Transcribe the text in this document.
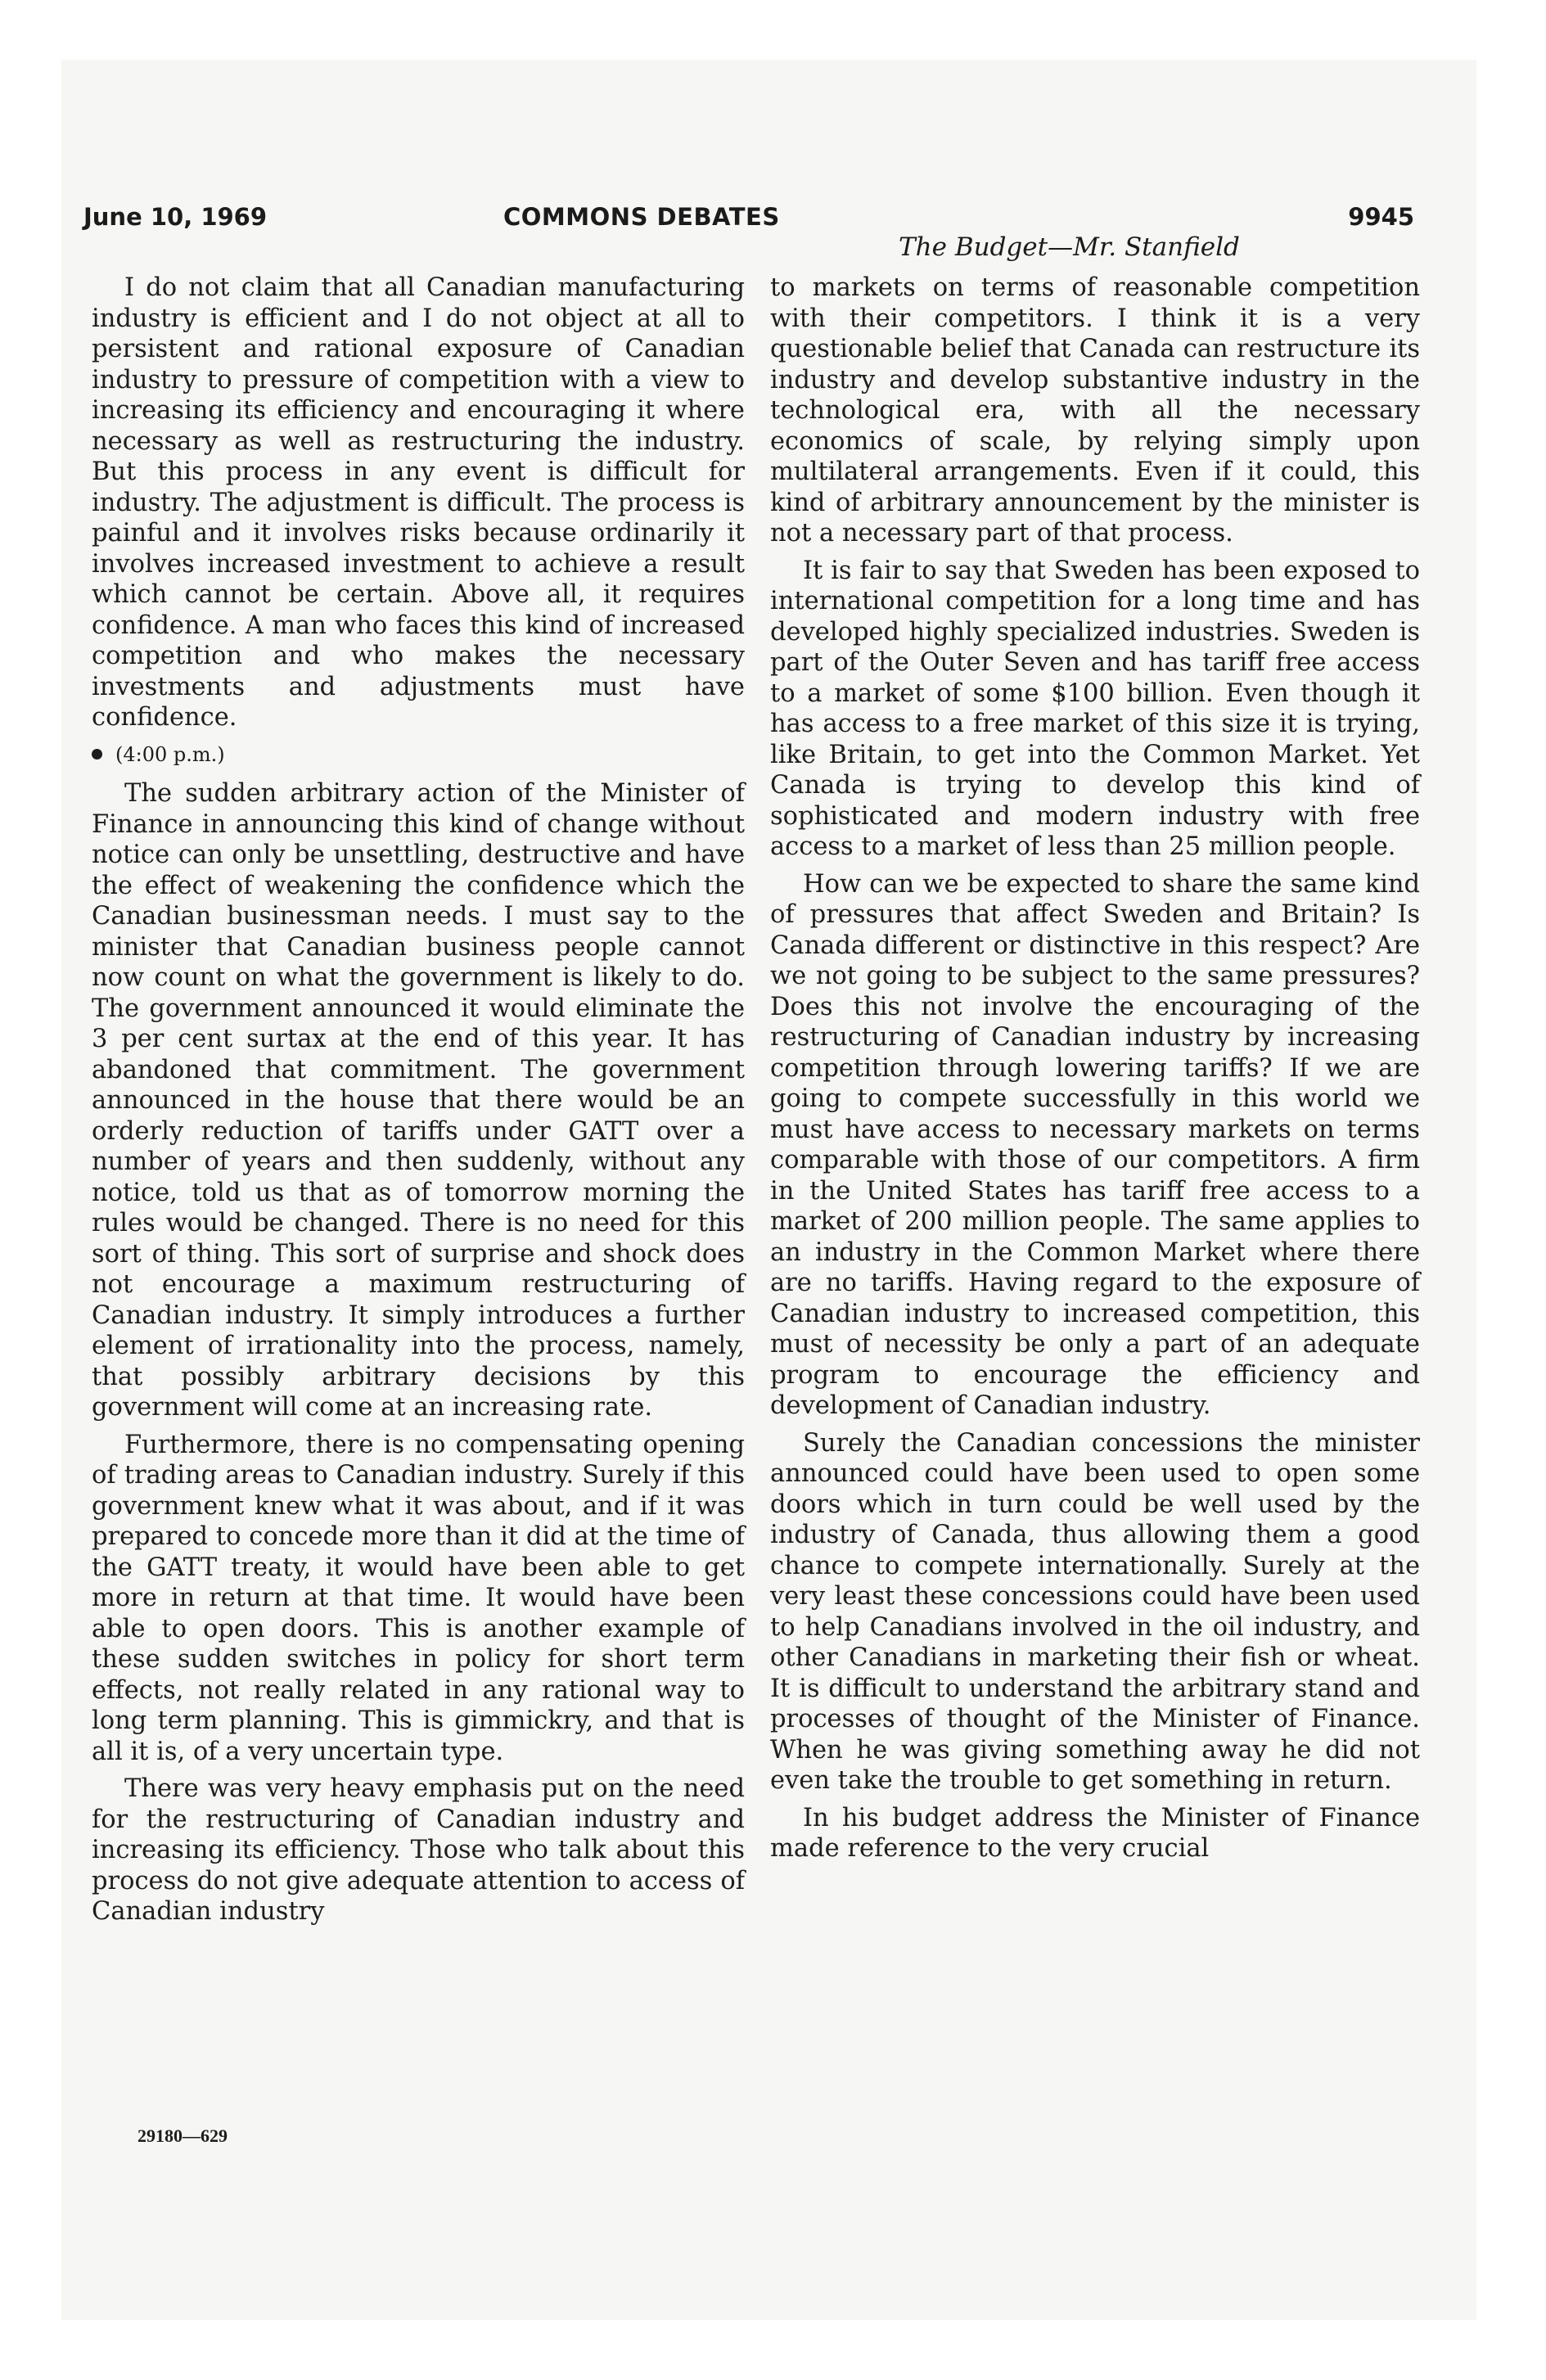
June 10, 1969	COMMONS DEBATES	9945
The Budget—Mr. Stanfield

I do not claim that all Canadian manufacturing industry is efficient and I do not object at all to persistent and rational exposure of Canadian industry to pressure of competition with a view to increasing its efficiency and encouraging it where necessary as well as restructuring the industry. But this process in any event is difficult for industry. The adjustment is difficult. The process is painful and it involves risks because ordinarily it involves increased investment to achieve a result which cannot be certain. Above all, it requires confidence. A man who faces this kind of increased competition and who makes the necessary investments and adjustments must have confidence.

(4:00 p.m.)

The sudden arbitrary action of the Minister of Finance in announcing this kind of change without notice can only be unsettling, destructive and have the effect of weakening the confidence which the Canadian businessman needs. I must say to the minister that Canadian business people cannot now count on what the government is likely to do. The government announced it would eliminate the 3 per cent surtax at the end of this year. It has abandoned that commitment. The government announced in the house that there would be an orderly reduction of tariffs under GATT over a number of years and then suddenly, without any notice, told us that as of tomorrow morning the rules would be changed. There is no need for this sort of thing. This sort of surprise and shock does not encourage a maximum restructuring of Canadian industry. It simply introduces a further element of irrationality into the process, namely, that possibly arbitrary decisions by this government will come at an increasing rate.

Furthermore, there is no compensating opening of trading areas to Canadian industry. Surely if this government knew what it was about, and if it was prepared to concede more than it did at the time of the GATT treaty, it would have been able to get more in return at that time. It would have been able to open doors. This is another example of these sudden switches in policy for short term effects, not really related in any rational way to long term planning. This is gimmickry, and that is all it is, of a very uncertain type.

There was very heavy emphasis put on the need for the restructuring of Canadian industry and increasing its efficiency. Those who talk about this process do not give adequate attention to access of Canadian industry

to markets on terms of reasonable competition with their competitors. I think it is a very questionable belief that Canada can restructure its industry and develop substantive industry in the technological era, with all the necessary economics of scale, by relying simply upon multilateral arrangements. Even if it could, this kind of arbitrary announcement by the minister is not a necessary part of that process.

It is fair to say that Sweden has been exposed to international competition for a long time and has developed highly specialized industries. Sweden is part of the Outer Seven and has tariff free access to a market of some $100 billion. Even though it has access to a free market of this size it is trying, like Britain, to get into the Common Market. Yet Canada is trying to develop this kind of sophisticated and modern industry with free access to a market of less than 25 million people.

How can we be expected to share the same kind of pressures that affect Sweden and Britain? Is Canada different or distinctive in this respect? Are we not going to be subject to the same pressures? Does this not involve the encouraging of the restructuring of Canadian industry by increasing competition through lowering tariffs? If we are going to compete successfully in this world we must have access to necessary markets on terms comparable with those of our competitors. A firm in the United States has tariff free access to a market of 200 million people. The same applies to an industry in the Common Market where there are no tariffs. Having regard to the exposure of Canadian industry to increased competition, this must of necessity be only a part of an adequate program to encourage the efficiency and development of Canadian industry.

Surely the Canadian concessions the minister announced could have been used to open some doors which in turn could be well used by the industry of Canada, thus allowing them a good chance to compete internationally. Surely at the very least these concessions could have been used to help Canadians involved in the oil industry, and other Canadians in marketing their fish or wheat. It is difficult to understand the arbitrary stand and processes of thought of the Minister of Finance. When he was giving something away he did not even take the trouble to get something in return.

In his budget address the Minister of Finance made reference to the very crucial

29180—629
